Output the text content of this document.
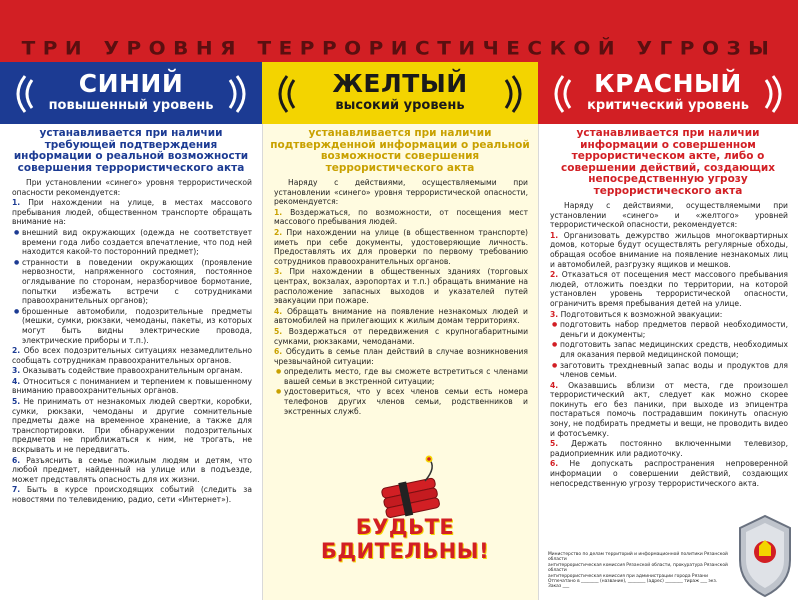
ТРИ УРОВНЯ ТЕРРОРИСТИЧЕСКОЙ УГРОЗЫ
СИНИЙ
повышенный уровень
ЖЕЛТЫЙ
высокий уровень
КРАСНЫЙ
критический уровень
устанавливается при наличии требующей подтверждения информации о реальной возможности совершения террористического акта

При установлении «синего» уровня террористической опасности рекомендуется:

1. При нахождении на улице, в местах массового пребывания людей, общественном транспорте обращать внимание на:

● внешний вид окружающих (одежда не соответствует времени года либо создается впечатление, что под ней находится какой-то посторонний предмет);

● странности в поведении окружающих (проявление нервозности, напряженного состояния, постоянное оглядывание по сторонам, неразборчивое бормотание, попытки избежать встречи с сотрудниками правоохранительных органов);

● брошенные автомобили, подозрительные предметы (мешки, сумки, рюкзаки, чемоданы, пакеты, из которых могут быть видны электрические провода, электрические приборы и т.п.).

2. Обо всех подозрительных ситуациях незамедлительно сообщать сотрудникам правоохранительных органов.

3. Оказывать содействие правоохранительным органам.

4. Относиться с пониманием и терпением к повышенному вниманию правоохранительных органов.

5. Не принимать от незнакомых людей свертки, коробки, сумки, рюкзаки, чемоданы и другие сомнительные предметы даже на временное хранение, а также для транспортировки. При обнаружении подозрительных предметов не приближаться к ним, не трогать, не вскрывать и не передвигать.

6. Разъяснить в семье пожилым людям и детям, что любой предмет, найденный на улице или в подъезде, может представлять опасность для их жизни.

7. Быть в курсе происходящих событий (следить за новостями по телевидению, радио, сети «Интернет»).

устанавливается при наличии подтвержденной информации о реальной возможности совершения террористического акта

Наряду с действиями, осуществляемыми при установлении «синего» уровня террористической опасности, рекомендуется:

1. Воздержаться, по возможности, от посещения мест массового пребывания людей.

2. При нахождении на улице (в общественном транспорте) иметь при себе документы, удостоверяющие личность. Предоставлять их для проверки по первому требованию сотрудников правоохранительных органов.

3. При нахождении в общественных зданиях (торговых центрах, вокзалах, аэропортах и т.п.) обращать внимание на расположение запасных выходов и указателей путей эвакуации при пожаре.

4. Обращать внимание на появление незнакомых людей и автомобилей на прилегающих к жилым домам территориях.

5. Воздержаться от передвижения с крупногабаритными сумками, рюкзаками, чемоданами.

6. Обсудить в семье план действий в случае возникновения чрезвычайной ситуации:

● определить место, где вы сможете встретиться с членами вашей семьи в экстренной ситуации;

● удостовериться, что у всех членов семьи есть номера телефонов других членов семьи, родственников и экстренных служб.

устанавливается при наличии информации о совершенном террористическом акте, либо о совершении действий, создающих непосредственную угрозу террористического акта

Наряду с действиями, осуществляемыми при установлении «синего» и «желтого» уровней террористической опасности, рекомендуется:

1. Организовать дежурство жильцов многоквартирных домов, которые будут осуществлять регулярные обходы, обращая особое внимание на появление незнакомых лиц и автомобилей, разгрузку ящиков и мешков.

2. Отказаться от посещения мест массового пребывания людей, отложить поездки по территории, на которой установлен уровень террористической опасности, ограничить время пребывания детей на улице.

3. Подготовиться к возможной эвакуации:

● подготовить набор предметов первой необходимости, деньги и документы;

● подготовить запас медицинских средств, необходимых для оказания первой медицинской помощи;

● заготовить трехдневный запас воды и продуктов для членов семьи.

4. Оказавшись вблизи от места, где произошел террористический акт, следует как можно скорее покинуть его без паники, при выходе из эпицентра постараться помочь пострадавшим покинуть опасную зону, не подбирать предметы и вещи, не проводить видео и фотосъемку.

5. Держать постоянно включенными телевизор, радиоприемник или радиоточку.

6. Не допускать распространения непроверенной информации о совершении действий, создающих непосредственную угрозу террористического акта.

БУДЬТЕ БДИТЕЛЬНЫ!	Министерство по делам территорий и информационной политики Рязанской области
антитеррористическая комиссия Рязанской области, прокуратура Рязанской области
антитеррористическая комиссия при администрации города Рязани
Отпечатано в ________ (название), ________ (адрес) ________ тираж ___ экз. Заказ ___
